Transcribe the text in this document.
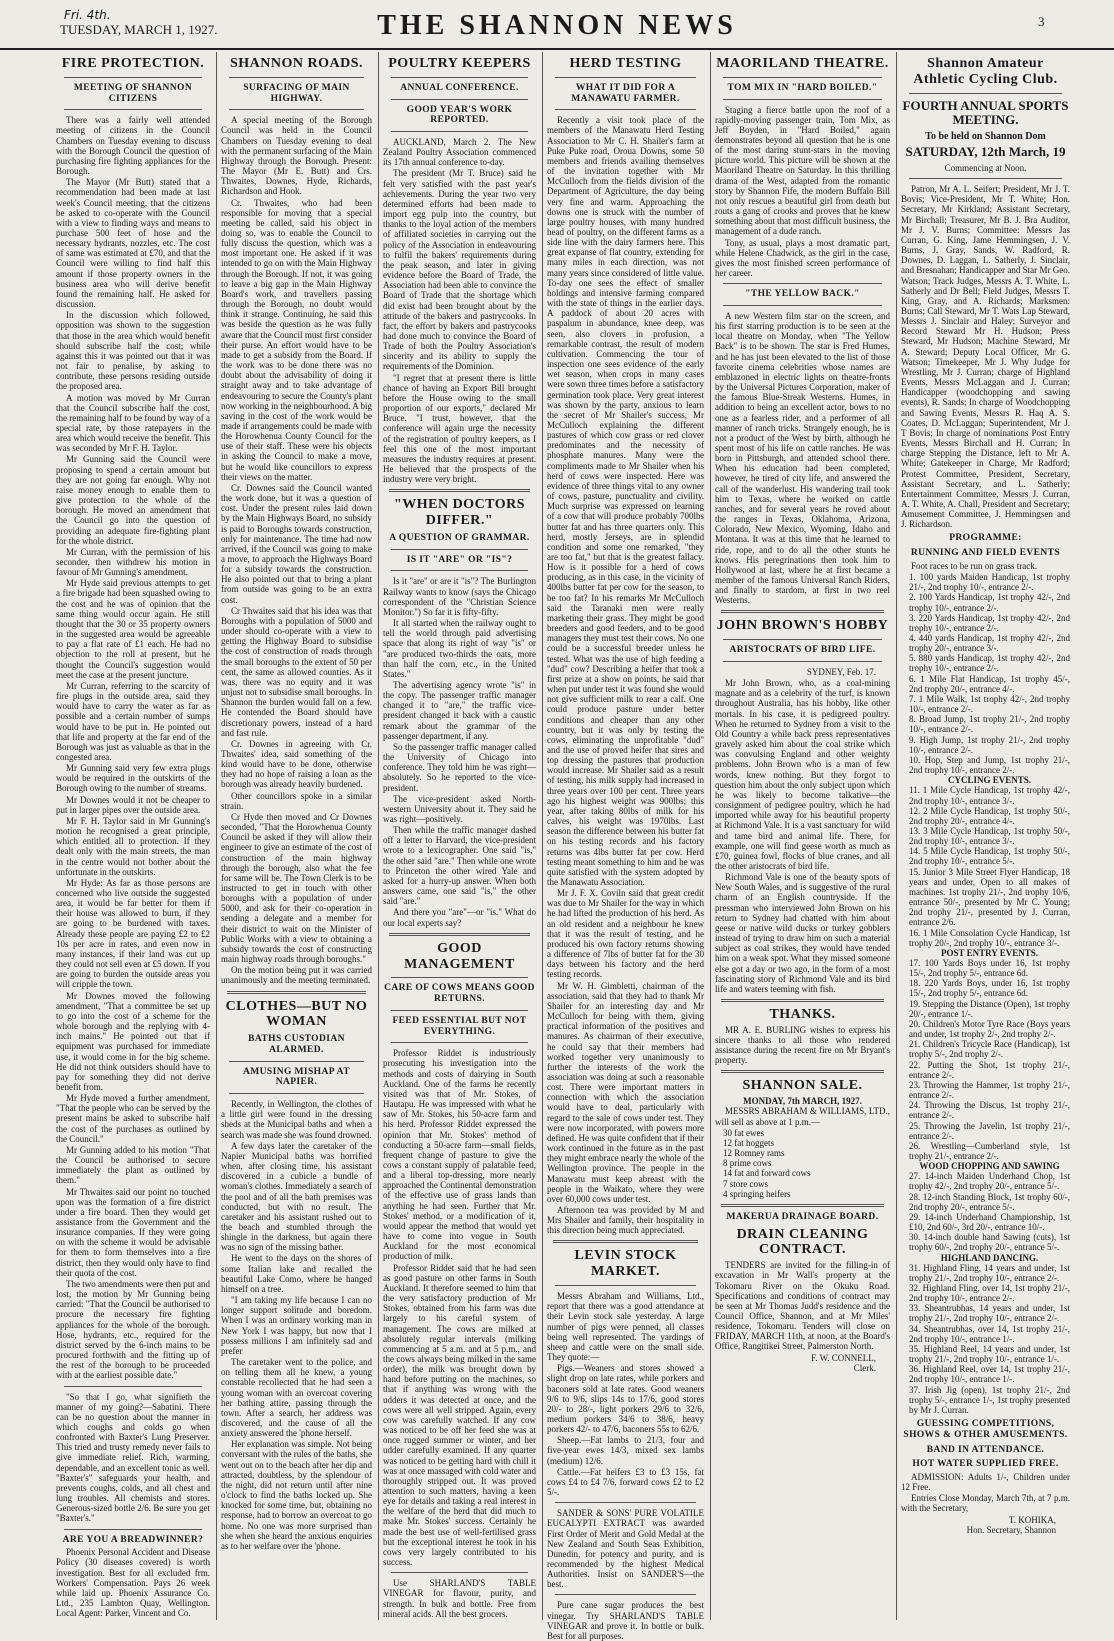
Fri. 4th.
TUESDAY, MARCH 1, 1927.	THE SHANNON NEWS	3
FIRE PROTECTION.
MEETING OF SHANNON CITIZENS

There was a fairly well attended meeting of citizens in the Council Chambers on Tuesday evening to discuss with the Borough Council the question of purchasing fire fighting appliances for the Borough.

The Mayor (Mr Butt) stated that a recommendation had been made at last week's Council meeting, that the citizens be asked to co-operate with the Council with a view to finding ways and means to purchase 500 feet of hose and the necessary hydrants, nozzles, etc. The cost of same was estimated at £70, and that the Council were willing to find half this amount if those property owners in the business area who will derive benefit found the remaining half. He asked for discussion.

In the discussion which followed, opposition was shown to the suggestion that those in the area which would benefit should subscribe half the cost; while against this it was pointed out that it was not fair to penalise, by asking to contribute, these persons residing outside the proposed area.

A motion was moved by Mr Curran that the Council subscribe half the cost, the remaining half to be found by way of a special rate, by those ratepayers in the area which would receive the benefit. This was seconded by Mr F. H. Taylor.

Mr Gunning said the Council were proposing to spend a certain amount but they are not going far enough. Why not raise money enough to enable them to give protection to the whole of the borough. He moved an amendment that the Council go into the question of providing an adequate fire-fighting plant for the whole district.

Mr Curran, with the permission of his seconder, then withdrew his motion in favour of Mr Gunning's amendment.

Mr Hyde said previous attempts to get a fire brigade had been squashed owing to the cost and he was of opinion that the same thing would occur again. He still thought that the 30 or 35 property owners in the suggested area would be agreeable to pay a flat rate of £1 each. He had no objection to the roll at present, but he thought the Council's suggestion would meet the case at the present juncture.

Mr Curran, referring to the scarcity of fire plugs in the outside area, said they would have to carry the water as far as possible and a certain number of sumps would have to be put in. He pointed out that life and property at the far end of the Borough was just as valuable as that in the congested area.

Mr Gunning said very few extra plugs would be required in the outskirts of the Borough owing to the number of streams.

Mr Downes would it not be cheaper to put in larger pipes over the outside area.

Mr F. H. Taylor said in Mr Gunning's motion he recognised a great principle, which entitled all to protection. If they dealt only with the main streets, the man in the centre would not bother about the unfortunate in the outskirts.

Mr Hyde: As far as those persons are concerned who live outside the suggested area, it would be far better for them if their house was allowed to burn, if they are going to be burdened with taxes. Already these people are paying £2 to £2 10s per acre in rates, and even now in many instances, if their land was cut up they could not sell even at £5 down. If you are going to burden the outside areas you will cripple the town.

Mr Downes moved the following amendment, "That a committee be set up to go into the cost of a scheme for the whole borough and the replying with 4-inch mains." He pointed out that if equipment was purchased for immediate use, it would come in for the big scheme. He did not think outsiders should have to pay for something they did not derive benefit from.

Mr Hyde moved a further amendment, "That the people who can be served by the present mains be asked to subscribe half the cost of the purchases as outlined by the Council."

Mr Gunning added to his motion "That the Council be authorised to secure immediately the plant as outlined by them."

Mr Thwaites said our point no touched upon was the formation of a fire district under a fire board. Then they would get assistance from the Government and the insurance companies. If they were going on with the scheme it would be advisable for them to form themselves into a fire district, then they would only have to find their quota of the cost.

The two amendments were then put and lost, the motion by Mr Gunning being carried: "That the Council be authorised to procure the necessary fire fighting appliances for the whole of the borough. Hose, hydrants, etc., required for the district served by the 6-inch mains to be procured forthwith and the fitting up of the rest of the borough to be proceeded with at the earliest possible date."

"So that I go, what signifieth the manner of my going?—Sabatini. There can be no question about the manner in which coughs and colds go when confronted with Baxter's Lung Preserver. This tried and trusty remedy never fails to give immediate relief. Rich, warming, dependable, and an excellent tonic as well. "Baxter's" safeguards your health, and prevents coughs, colds, and all chest and lung troubles. All chemists and stores. Generous-sized bottle 2/6. Be sure you get "Baxter's."

ARE YOU A BREADWINNER?

Phoenix Personal Accident and Disease Policy (30 diseases covered) is worth investigation. Best for all excluded frm. Workers' Compensation. Pays 26 week while laid up. Phoenix Assurance Co. Ltd., 235 Lambton Quay, Wellington. Local Agent: Parker, Vincent and Co.

SHANNON ROADS.
SURFACING OF MAIN HIGHWAY.

A special meeting of the Borough Council was held in the Council Chambers on Tuesday evening to deal with the permanent surfacing of the Main Highway through the Borough. Present: The Mayor (Mr E. Butt) and Crs. Thwaites, Downes, Hyde, Richards, Richardson and Hook.

Cr. Thwaites, who had been responsible for moving that a special meeting be called, said his object in doing so, was to enable the Council to fully discuss the question, which was a most important one. He asked if it was intended to go on with the Main Highway through the Borough. If not, it was going to leave a big gap in the Main Highway Board's work, and travellers passing through the Borough, no doubt would think it strange. Continuing, he said this was beside the question as he was fully aware that the Council must first consider their purse. An effort would have to be made to get a subsidy from the Board. If the work was to be done there was no doubt about the advisability of doing it straight away and to take advantage of endeavouring to secure the County's plant now working in the neighbourhood. A big saving in the cost of the work would be made if arrangements could be made with the Horowhenua County Council for the use of their staff. These were his objects in asking the Council to make a move, but he would like councillors to express their views on the matter.

Cr. Downes said the Council wanted the work done, but it was a question of cost. Under the present rules laid down by the Main Highways Board, no subsidy is paid to Boroughs towards construction, only for maintenance. The time had now arrived, if the Council was going to make a move, to approach the Highways Board for a subsidy towards the construction. He also pointed out that to bring a plant from outside was going to be an extra cost.

Cr Thwaites said that his idea was that Boroughs with a population of 5000 and under should co-operate with a view to getting the Highway Board to subsidise the cost of construction of roads through the small boroughs to the extent of 50 per cent, the same as allowed counties. As it was, there was no equity and it was unjust not to subsidise small boroughs. In Shannon the burden would fall on a few. He contended the Board should have discretionary powers, instead of a hard and fast rule.

Cr. Downes in agreeing with Cr. Thwaites' idea, said something of the kind would have to be done, otherwise they had no hope of raising a loan as the borough was already heavily burdened.

Other councillors spoke in a similar strain.

Cr Hyde then moved and Cr Downes seconded, "That the Horowhenua County Council be asked if they will allow their engineer to give an estimate of the cost of construction of the main highway through the borough, also what the fee for same will be. The Town Clerk is to be instructed to get in touch with other boroughs with a population of under 5000, and ask for their co-operation in sending a delegate and a member for their district to wait on the Minister of Public Works with a view to obtaining a subsidy towards the cost of constructing main highway roads through boroughs."

On the motion being put it was carried unanimously and the meeting terminated.

CLOTHES—BUT NO WOMAN
BATHS CUSTODIAN ALARMED.
AMUSING MISHAP AT NAPIER.

Recently, in Wellington, the clothes of a little girl were found in the dressing sheds at the Municipal baths and when a search was made she was found drowned.

A few days later the caretaker of the Napier Municipal baths was horrified when, after closing time, his assistant discovered in a cubicle a bundle of woman's clothes. Immediately a search of the pool and of all the bath premises was conducted, but with no result. The caretaker and his assistant rushed out to the beach and stumbled through the shingle in the darkness, but again there was no sign of the missing bather.

He went to the days on the shores of some Italian lake and recalled the beautiful Lake Como, where he hanged himself on a tree.

"I am taking my life because I can no longer support solitude and boredom. When I was an ordinary working man in New York I was happy, but now that I possess millions I am infinitely sad and prefer

The caretaker went to the police, and on telling them all he knew, a young constable recollected that he had seen a young woman with an overcoat covering her bathing attire, passing through the town. After a search, her address was discovered, and the cause of all the anxiety answered the 'phone herself.

Her explanation was simple. Not being conversant with the rules of the baths, she went out on to the beach after her dip and attracted, doubtless, by the splendour of the night, did not return until after nine o'clock to find the baths locked up. She knocked for some time, but, obtaining no response, had to borrow an overcoat to go home. No one was more surprised than she when she heard the anxious enquiries as to her welfare over the 'phone.

POULTRY KEEPERS
ANNUAL CONFERENCE.
GOOD YEAR'S WORK REPORTED.

AUCKLAND, March 2. The New Zealand Poultry Association commenced its 17th annual conference to-day.

The president (Mr T. Bruce) said he felt very satisfied with the past year's achievements. During the year two very determined efforts had been made to import egg pulp into the country, but thanks to the loyal action of the members of affiliated societies in carrying out the policy of the Association in endeavouring to fulfil the bakers' requirements during the peak season, and later in giving evidence before the Board of Trade, the Association had been able to convince the Board of Trade that the shortage which did exist had been brought about by the attitude of the bakers and pastrycooks. In fact, the effort by bakers and pastrycooks had done much to convince the Board of Trade of both the Poultry Association's sincerity and its ability to supply the requirements of the Dominion.

"I regret that at present there is little chance of having an Export Bill brought before the House owing to the small proportion of our exports," declared Mr Bruce. "I trust, however, that the conference will again urge the necessity of the registration of poultry keepers, as I feel this one of the most important measures the industry requires at present. He believed that the prospects of the industry were very bright.

"WHEN DOCTORS DIFFER."
A QUESTION OF GRAMMAR.
IS IT "ARE" OR "IS"?

Is it "are" or are it "is"? The Burlington Railway wants to know (says the Chicago correspondent of the "Christian Science Monitor.") So far it is fifty-fifty.

It all started when the railway ought to tell the world through paid advertising space that along its right of way "is" or "are produced two-thirds the oats, more than half the corn, etc., in the United States."

The advertising agency wrote "is" in the copy. The passenger traffic manager changed it to "are," the traffic vice-president changed it back with a caustic remark about the grammar of the passenger department, if any.

So the passenger traffic manager called the University of Chicago into conference. They told him he was right—absolutely. So he reported to the vice-president.

The vice-president asked North-western University about it. They said he was right—positively.

Then while the traffic manager dashed off a letter to Harvard, the vice-president wrote to a lexicographer. One said "is," the other said "are." Then while one wrote to Princeton the other wired Yale and asked for a hurry-up answer. When both answers came, one said "is," the other said "are."

And there you "are"—or "is." What do our local experts say?

GOOD MANAGEMENT
CARE OF COWS MEANS GOOD RETURNS.
FEED ESSENTIAL BUT NOT EVERYTHING.

Professor Riddet is industriously prosecuting his investigation into the methods and costs of dairying in South Auckland. One of the farms he recently visited was that of Mr. Stokes, of Hautapu. He was impressed with what he saw of Mr. Stokes, his 50-acre farm and his herd. Professor Riddet expressed the opinion that Mr. Stokes' method of conducting a 50-acre farm—small fields, frequent change of pasture to give the cows a constant supply of palatable feed, and a liberal top-dressing, more nearly approached the Continental demonstration of the effective use of grass lands than anything he had seen. Further that Mr. Stokes' method, or a modification of it, would appear the method that would yet have to come into vogue in South Auckland for the most economical production of milk.

Professor Riddet said that he had seen as good pasture on other farms in South Auckland. It therefore seemed to him that the very satisfactory production of Mr Stokes, obtained from his farm was due largely to his careful system of management. The cows are milked at absolutely regular intervals (milking commencing at 5 a.m. and at 5 p.m., and the cows always being milked in the same order), the milk was brought down by hand before putting on the machines, so that if anything was wrong with the udders it was detected at once, and the cows were all well stripped. Again, every cow was carefully watched. If any cow was noticed to be off her feed she was at once rugged summer or winter, and her udder carefully examined. If any quarter was noticed to be getting hard with chill it was at once massaged with cold water and thoroughly stripped out. It was proved attention to such matters, having a keen eye for details and taking a real interest in the welfare of the herd that did much to make Mr. Stokes' success. Certainly he made the best use of well-fertilised grass but the exceptional interest he took in his cows very largely contributed to his success.

Use SHARLAND'S TABLE VINEGAR for flavour, purity, and strength. In bulk and bottle. Free from mineral acids. All the best grocers.

HERD TESTING
WHAT IT DID FOR A MANAWATU FARMER.

Recently a visit took place of the members of the Manawatu Herd Testing Association to Mr C. H. Shailer's farm at Puke Puke road, Oroua Downs, some 50 members and friends availing themselves of the invitation together with Mr McCulloch from the fields division of the Department of Agriculture, the day being very fine and warm. Approaching the downs one is struck with the number of large poultry houses, with many hundred head of poultry, on the different farms as a side line with the dairy farmers here. This great expanse of flat country, extending for many miles in each direction, was not many years since considered of little value. To-day one sees the effect of smaller holdings and intensive farming compared with the state of things in the earlier days. A paddock of about 20 acres with paspalum in abundance, knee deep, was seen, also clovers in profusion, a remarkable contrast, the result of modern cultivation. Commencing the tour of inspection one sees evidence of the early wet season, when crops in many cases were sown three times before a satisfactory germination took place. Very great interest was shown by the party, anxious to learn the secret of Mr Shailer's success, Mr McCulloch explaining the different pastures of which cow grass or red clover predominates and the necessity of phosphate manures. Many were the compliments made to Mr Shailer when his herd of cows were inspected. Here was evidence of three things vital to any owner of cows, pasture, punctuality and civility. Much surprise was expressed on learning of a cow that will produce probably 700lbs butter fat and has three quarters only. This herd, mostly Jerseys, are in splendid condition and some one remarked, "they are too fat," but that is the greatest fallacy. How is it possible for a herd of cows producing, as in this case, in the vicinity of 400lbs butter fat per cow for the season, to be too fat? In his remarks Mr McCulloch said the Taranaki men were really marketing their grass. They might be good breeders and good feeders, and to be good managers they must test their cows. No one could be a successful breeder unless he tested. What was the use of high feeding a "dud" cow? Describing a heifer that took a first prize at a show on points, he said that when put under test it was found she would not give sufficient milk to rear a calf. One could produce pasture under better conditions and cheaper than any other country, but it was only by testing the cows, eliminating the unprofitable "dud" and the use of proved heifer that sires and top dressing the pastures that production would increase. Mr Shailer said as a result of testing, his milk supply had increased in three years over 100 per cent. Three years ago his highest weight was 900lbs; this year, after taking 80lbs of milk for his calves, his weight was 1970lbs. Last season the difference between his butter fat on his testing records and his factory returns was 4lbs butter fat per cow. Herd testing meant something to him and he was quite satisfied with the system adopted by the Manawatu Association.

Mr J. F. X. Coviln said that great credit was due to Mr Shailer for the way in which he had lifted the production of his herd. As an old resident and a neighbour he knew that it was the result of testing, and he produced his own factory returns showing a difference of 7lbs of butter fat for the 30 days between his factory and the herd testing records.

Mr W. H. Gimbletti, chairman of the association, said that they had to thank Mr Shailer for an interesting day and Mr McCulloch for being with them, giving practical information of the positives and manures. As chairman of their executive, he could say that their members had worked together very unanimously to further the interests of the work the association was doing at such a reasonable cost. There were important matters in connection with which the association would have to deal, particularly with regard to the sale of cows under test. They were now incorporated, with powers more defined. He was quite confident that if their work continued in the future as in the past they might embrace nearly the whole of the Wellington province. The people in the Manawatu must keep abreast with the people in the Waikato, where they were over 60,000 cows under test.

Afternoon tea was provided by M and Mrs Shailer and family, their hospitality in this direction being much appreciated.

LEVIN STOCK MARKET.

Messrs Abraham and Williams, Ltd., report that there was a good attendance at their Levin stock sale yesterday. A large number of pigs were penned, all classes being well represented. The yardings of sheep and cattle were on the small side. They quote:—

Pigs.—Weaners and stores showed a slight drop on late rates, while porkers and baconers sold at late rates. Good weaners 9/6 to 9/6, slips 14s to 17/6, good stores 20/- to 28/-, light porkers 29/6 to 32/6, medium porkers 34/6 to 38/6, heavy porkers 42/- to 47/6, baconers 55s to 62/6.

Sheep.—Fat lambs to 21/3, four and five-year ewes 14/3, mixed sex lambs (medium) 12/6.

Cattle.—Fat heifers £3 to £3 15s, fat cows £4 to £4 7/6, forward cows £2 to £2 5/-.

SANDER & SONS' PURE VOLATILE EUCALYPTI EXTRACT was awarded First Order of Merit and Gold Medal at the New Zealand and South Seas Exhibition, Dunedin, for potency and purity, and is recommended by the highest Medical Authorities. Insist on SANDER'S—the best.

Pure cane sugar produces the best vinegar. Try SHARLAND'S TABLE VINEGAR and prove it. In bottle or bulk. Best for all purposes.

MAORILAND THEATRE.
TOM MIX IN "HARD BOILED."

Staging a fierce battle upon the roof of a rapidly-moving passenger train, Tom Mix, as Jeff Boyden, in "Hard Boiled," again demonstrates beyond all question that he is one of the most daring stunt-stars in the moving picture world. This picture will be shown at the Maoriland Theatre on Saturday. In this thrilling drama of the West, adapted from the romantic story by Shannon Fife, the modern Buffalo Bill not only rescues a beautiful girl from death but routs a gang of crooks and proves that he knew something about that most difficult business, the management of a dude ranch.

Tony, as usual, plays a most dramatic part, while Helene Chadwick, as the girl in the case, gives the most finished screen performance of her career.

"THE YELLOW BACK."

A new Western film star on the screen, and his first starring production is to be seen at the local theatre on Monday, when "The Yellow Back" is to be shown. The star is Fred Humes, and he has just been elevated to the list of those favorite cinema celebrities whose names are emblazoned in electric lights on theatre-fronts by the Universal Pictures Corporation, maker of the famous Blue-Streak Westerns. Humes, in addition to being an excellent actor, bows to no one as a fearless rider, and a performer of all manner of ranch tricks. Strangely enough, he is not a product of the West by birth, although he spent most of his life on cattle ranches. He was born in Pittsburgh, and attended school there. When his education had been completed, however, he tired of city life, and answered the call of the wanderlust. His wandering trail took him to Texas, where he worked on cattle ranches, and for several years he roved about the ranges in Texas, Oklahoma, Arizona, Colorado, New Mexico, Wyoming, Idaho and Montana. It was at this time that he learned to ride, rope, and to do all the other stunts he knows. His peregrinations then took him to Hollywood at last, where he at first became a member of the famous Universal Ranch Riders, and finally to stardom, at first in two reel Westerns.

JOHN BROWN'S HOBBY
ARISTOCRATS OF BIRD LIFE.

SYDNEY, Feb. 17.

Mr John Brown, who, as a coal-mining magnate and as a celebrity of the turf, is known throughout Australia, has his hobby, like other mortals. In his case, it is pedigreed poultry. When he returned to Sydney from a visit to the Old Country a while back press representatives gravely asked him about the coal strike which was convulsing England and other weighty problems. John Brown who is a man of few words, knew nothing. But they forgot to question him about the only subject upon which he was likely to become talkative—the consignment of pedigree poultry, which he had imported while away for his beautiful property at Richmond Vale. It is a vast sanctuary for wild and tame bird and animal life. There, for example, one will find geese worth as much as £70, guinea fowl, flocks of blue cranes, and all the other aristocrats of bird life.

Richmond Vale is one of the beauty spots of New South Wales, and is suggestive of the rural charm of an English countryside. If the pressman who interviewed John Brown on his return to Sydney had chatted with him about geese or native wild ducks or turkey gobblers instead of trying to draw him on such a material subject as coal strikes, they would have tended him on a weak spot. What they missed someone else got a day or two ago, in the form of a most fascinating story of Richmond Vale and its bird life and waters teeming with fish.

THANKS.

MR A. E. BURLING wishes to express his sincere thanks to all those who rendered assistance during the recent fire on Mr Bryant's property.

SHANNON SALE.
MONDAY, 7th MARCH, 1927.

MESSRS ABRAHAM & WILLIAMS, LTD., will sell as above at 1 p.m.—

30 fat ewes
12 fat hoggets
12 Romney rams
8 prime cows
14 fat and forward cows
7 store cows
4 springing heifers
MAKERUA DRAINAGE BOARD.
DRAIN CLEANING CONTRACT.

TENDERS are invited for the filling-in of excavation in Mr Wall's property at the Tokomaru River on the Okuku Road. Specifications and conditions of contract may be seen at Mr Thomas Judd's residence and the Council Office, Shannon, and at Mr Miles' residence, Tokomaru. Tenders will close on FRIDAY, MARCH 11th, at noon, at the Board's Office, Rangitikei Street, Palmerston North.

F. W. CONNELL,
Clerk.
Shannon Amateur Athletic Cycling Club.
FOURTH ANNUAL SPORTS MEETING.
To be held on Shannon Dom
SATURDAY, 12th March, 19
Commencing at Noon.

Patron, Mr A. L. Seifert; President, Mr J. T. Bovis; Vice-President, Mr T. White; Hon. Secretary, Mr Kirkland; Assistant Secretary, Mr Birchall; Treasurer, Mr B. J. Bra Auditor, Mr J. V. Burns; Committee: Messrs Jas Curran, G. King, Jame Hemmingsen, J. V. Burns, J. Gray, Sands, W. Radford, R. Downes, D. Laggan, L. Satherly, J. Sinclair, and Bresnahan; Handicapper and Star Mr Geo. Watson; Track Judges, Messrs A. T. White, L. Satherly and Dr Bell; Field Judges, Messrs T. King, Gray, and A. Richards; Marksmen: Burns; Call Steward, Mr T. Wats Lap Steward, Messrs J. Sinclair and Haley; Surveyor and Record Steward Mr H. Hudson; Press Steward, Mr Hudson; Machine Steward, Mr A. Steward; Deputy Local Officer, Mr G. Watson; Timekeeper, Mr J. Why Judge for Wrestling, Mr J. Curran; charge of Highland Events, Messrs McLaggan and J. Curran; Handicapper (woodchopping and sawing events), R. Sands; In charge of Woodchopping and Sawing Events, Messrs R. Haq A. S. Coates, D. McLaggan; Superintendent, Mr J. T Bovis; In charge of nominations Post Entry Events, Messrs Birchall and H. Curran; In charge Stepping the Distance, left to Mr A. White; Gatekeeper in Charge, Mr Radford; Protest Committee, President, Secretary, Assistant Secretary, and L. Satherly; Entertainment Committee, Messrs J. Curran, A. T. White, A. Chall, President and Secretary; Amusement Committee, J. Hemmingsen and J. Richardson.

PROGRAMME:
RUNNING AND FIELD EVENTS

Foot races to be run on grass track.

1. 100 yards Maiden Handicap, 1st trophy 21/-, 2nd trophy 10/-, entrance 2/-.
2. 100 Yards Handicap, 1st trophy 42/-, 2nd trophy 10/-, entrance 2/-.
3. 220 Yards Handicap, 1st trophy 42/-, 2nd trophy 10/-, entrance 2/-.
4. 440 yards Handicap, 1st trophy 42/-, 2nd trophy 20/-, entrance 3/-.
5. 880 yards Handicap, 1st trophy 42/-, 2nd trophy 10/-, entrance 2/-.
6. 1 Mile Flat Handicap, 1st trophy 45/-, 2nd trophy 20/-, entrance 4/-.
7. 1 Mile Walk, 1st trophy 42/-, 2nd trophy 10/-, entrance 2/-.
8. Broad Jump, 1st trophy 21/-, 2nd trophy 10/-, entrance 2/-.
9. High Jump, 1st trophy 21/-, 2nd trophy 10/-, entrance 2/-.
10. Hop, Step and Jump, 1st trophy 21/-, 2nd trophy 10/-, entrance 2/-.
CYCLING EVENTS.
11. 1 Mile Cycle Handicap, 1st trophy 42/-, 2nd trophy 10/-, entrance 3/-.
12. 2 Mile Cycle Handicap, 1st trophy 50/-, 2nd trophy 20/-, entrance 4/-.
13. 3 Mile Cycle Handicap, 1st trophy 50/-, 2nd trophy 10/-, entrance 3/-.
14. 5 Mile Cycle Handicap, 1st trophy 50/-, 2nd trophy 10/-, entrance 5/-.
15. Junior 3 Mile Street Flyer Handicap, 18 years and under, Open to all makes of machines. 1st trophy 21/-, 2nd trophy 10/6, entrance 50/-, presented by Mr C. Young; 2nd trophy 21/-, presented by J. Curran, entrance 2/6.
16. 1 Mile Consolation Cycle Handicap, 1st trophy 20/-, 2nd trophy 10/-, entrance 3/-.
POST ENTRY EVENTS.
17. 100 Yards Boys under 16, 1st trophy 15/-, 2nd trophy 5/-, entrance 6d.
18. 220 Yards Boys, under 16, 1st trophy 15/-, 2nd trophy 5/-, entrance 6d.
19. Stepping the Distance (Open), 1st trophy 20/-, entrance 1/-.
20. Children's Motor Tyre Race (Boys years and under, 1st trophy 2/-, 2nd trophy 2/-.
21. Children's Tricycle Race (Handicap), 1st trophy 5/-, 2nd trophy 2/-.
22. Putting the Shot, 1st trophy 21/-, entrance 2/-.
23. Throwing the Hammer, 1st trophy 21/-, entrance 2/-.
24. Throwing the Discus, 1st trophy 21/-, entrance 2/-.
25. Throwing the Javelin, 1st trophy 21/-, entrance 2/-.
26. Wrestling—Cumberland style, 1st trophy 21/-, entrance 2/-.
WOOD CHOPPING AND SAWING
27. 14-inch Maiden Underhand Chop, 1st trophy 42/-, 2nd trophy 20/-, entrance 5/-.
28. 12-inch Standing Block, 1st trophy 60/-, 2nd trophy 20/-, entrance 5/-.
29. 14-inch Underhand Championship, 1st £10, 2nd 60/-, 3rd 20/-, entrance 10/-.
30. 14-inch double hand Sawing (cuts), 1st trophy 60/-, 2nd trophy 20/-, entrance 5/-.
HIGHLAND DANCING.
31. Highland Fling, 14 years and under, 1st trophy 21/-, 2nd trophy 10/-, entrance 2/-.
32. Highland Fling, over 14, 1st trophy 21/-, 2nd trophy 10/-, entrance 2/-.
33. Sheantrubhas, 14 years and under, 1st trophy 21/-, 2nd trophy 10/-, entrance 2/-.
34. Sheantrubhas, over 14, 1st trophy 21/-, 2nd trophy 10/-, entrance 1/-.
35. Highland Reel, 14 years and under, 1st trophy 21/-, 2nd trophy 10/-, entrance 1/-.
36. Highland Reel, over 14, 1st trophy 21/-, 2nd trophy 10/-, entrance 1/-.
37. Irish Jig (open), 1st trophy 21/-, 2nd trophy 5/-, entrance 1/-, 1st trophy presented by Mr J. Curran.
GUESSING COMPETITIONS, SHOWS & OTHER AMUSEMENTS.
BAND IN ATTENDANCE.
HOT WATER SUPPLIED FREE.

ADMISSION: Adults 1/-, Children under 12 Free.

Entries Close Monday, March 7th, at 7 p.m. with the Secretary,

T. KOHIKA,
Hon. Secretary, Shannon
